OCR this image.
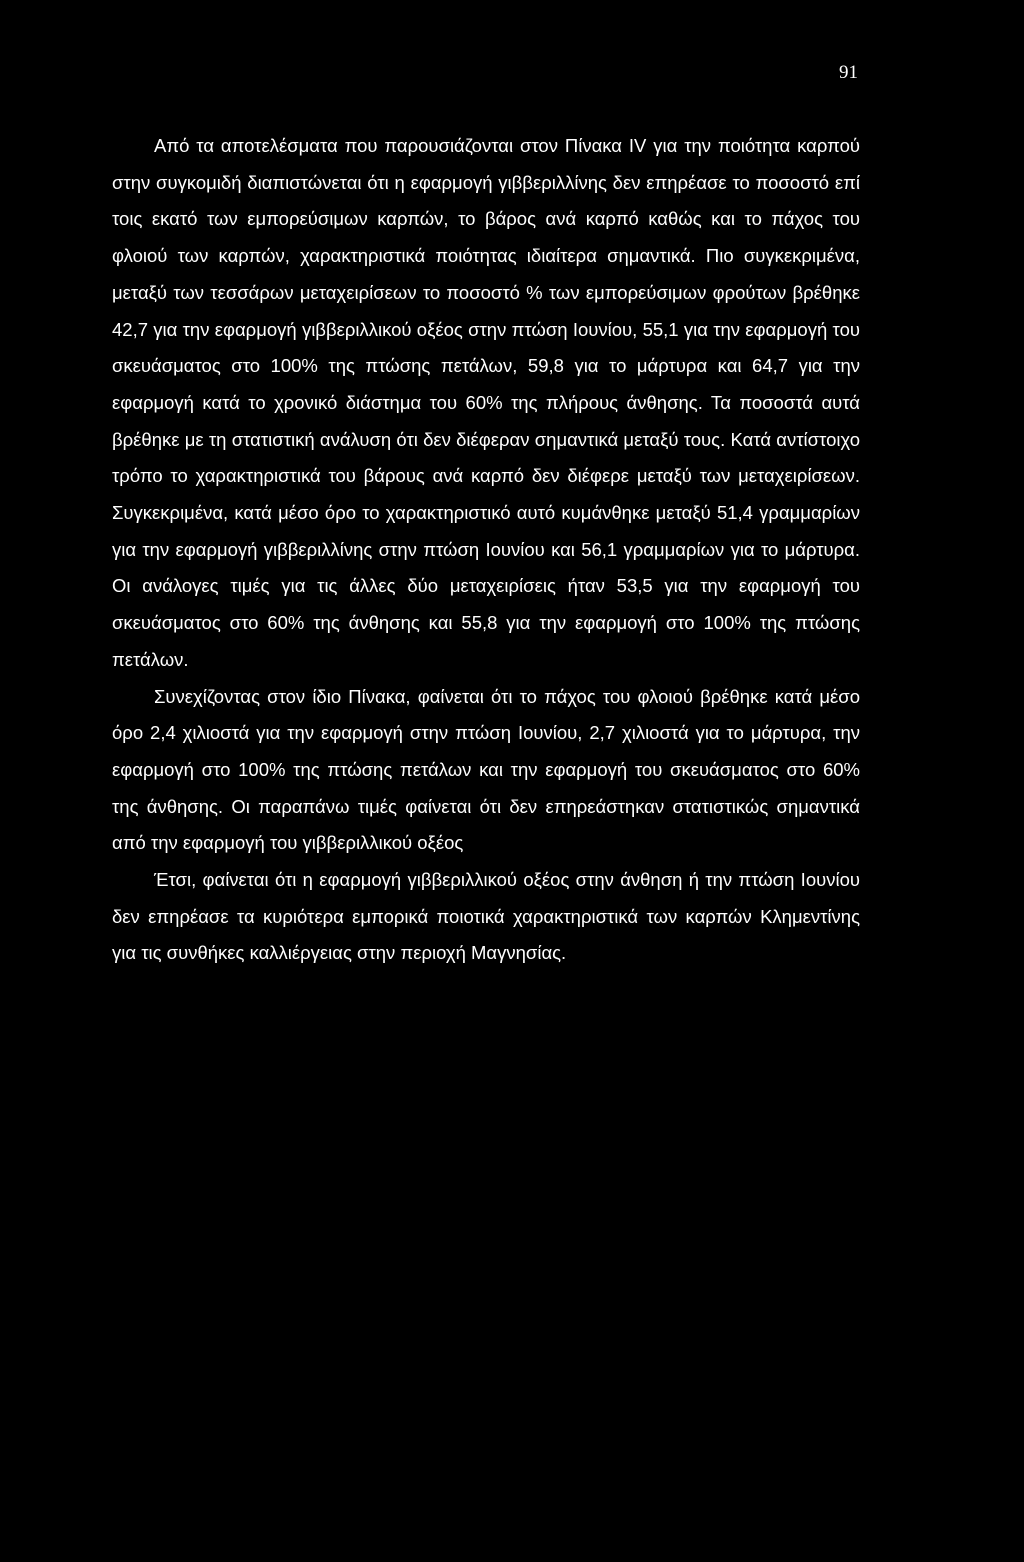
91

Από τα αποτελέσματα που παρουσιάζονται στον Πίνακα IV για την ποιότητα καρπού στην συγκομιδή διαπιστώνεται ότι η εφαρμογή γιββεριλλίνης δεν επηρέασε το ποσοστό επί τοις εκατό των εμπορεύσιμων καρπών, το βάρος ανά καρπό καθώς και το πάχος του φλοιού των καρπών, χαρακτηριστικά ποιότητας ιδιαίτερα σημαντικά. Πιο συγκεκριμένα, μεταξύ των τεσσάρων μεταχειρίσεων το ποσοστό % των εμπορεύσιμων φρούτων βρέθηκε 42,7 για την εφαρμογή γιββεριλλικού οξέος στην πτώση Ιουνίου, 55,1 για την εφαρμογή του σκευάσματος στο 100% της πτώσης πετάλων, 59,8 για το μάρτυρα και 64,7 για την εφαρμογή κατά το χρονικό διάστημα του 60% της πλήρους άνθησης. Τα ποσοστά αυτά βρέθηκε με τη στατιστική ανάλυση ότι δεν διέφεραν σημαντικά μεταξύ τους. Κατά αντίστοιχο τρόπο το χαρακτηριστικά του βάρους ανά καρπό δεν διέφερε μεταξύ των μεταχειρίσεων. Συγκεκριμένα, κατά μέσο όρο το χαρακτηριστικό αυτό κυμάνθηκε μεταξύ 51,4 γραμμαρίων για την εφαρμογή γιββεριλλίνης στην πτώση Ιουνίου και 56,1 γραμμαρίων για το μάρτυρα. Οι ανάλογες τιμές για τις άλλες δύο μεταχειρίσεις ήταν 53,5 για την εφαρμογή του σκευάσματος στο 60% της άνθησης και 55,8 για την εφαρμογή στο 100% της πτώσης πετάλων.

Συνεχίζοντας στον ίδιο Πίνακα, φαίνεται ότι το πάχος του φλοιού βρέθηκε κατά μέσο όρο 2,4 χιλιοστά για την εφαρμογή στην πτώση Ιουνίου, 2,7 χιλιοστά για το μάρτυρα, την εφαρμογή στο 100% της πτώσης πετάλων και την εφαρμογή του σκευάσματος στο 60% της άνθησης. Οι παραπάνω τιμές φαίνεται ότι δεν επηρεάστηκαν στατιστικώς σημαντικά από την εφαρμογή του γιββεριλλικού οξέος

Έτσι, φαίνεται ότι η εφαρμογή γιββεριλλικού οξέος στην άνθηση ή την πτώση Ιουνίου δεν επηρέασε τα κυριότερα εμπορικά ποιοτικά χαρακτηριστικά των καρπών Κλημεντίνης για τις συνθήκες καλλιέργειας στην περιοχή Μαγνησίας.
